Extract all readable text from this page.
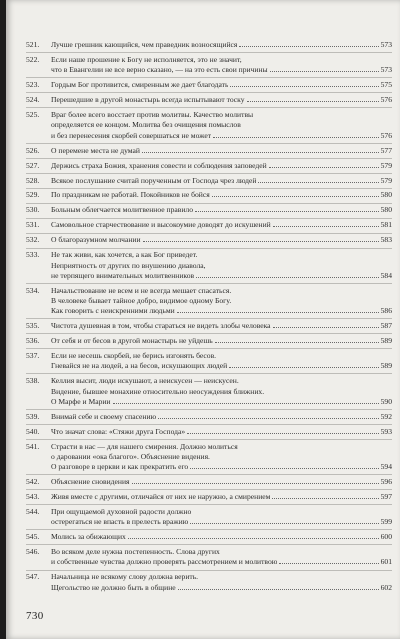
521.	Лучше грешник кающийся, чем праведник возносящийся	573
522.	Если наше прошение к Богу не исполняется, это не значит,
что в Евангелии не все верно сказано, — на это есть свои причины	573
523.	Гордым Бог противится, смиренным же дает благодать	575
524.	Перешедшие в другой монастырь всегда испытывают тоску	576
525.	Враг более всего восстает против молитвы. Качество молитвы
определяется ее концом. Молитва без очищения помыслов
и без перенесения скорбей совершаться не может	576
526.	О перемене места не думай	577
527.	Держись страха Божия, хранения совести и соблюдения заповедей	579
528.	Всякое послушание считай порученным от Господа чрез людей	579
529.	По праздникам не работай. Покойников не бойся	580
530.	Больным облегчается молитвенное правило	580
531.	Самовольное старчествование и высокоумие доводят до искушений	581
532.	О благоразумном молчании	583
533.	Не так живи, как хочется, а как Бог приведет.
Неприятность от других по внушению диавола,
не терпящего внимательных молитвенников	584
534.	Начальствование не всем и не всегда мешает спасаться.
В человеке бывает тайное добро, видимое одному Богу.
Как говорить с неискренними людьми	586
535.	Чистота душевная в том, чтобы стараться не видеть злобы человека	587
536.	От себя и от бесов в другой монастырь не уйдешь	589
537.	Если не несешь скорбей, не берись изгонять бесов.
Гневайся не на людей, а на бесов, искушающих людей	589
538.	Келлия высит, люди искушают, а неискусен — неискусен.
Видение, бывшее монахине относительно неосуждения ближних.
О Марфе и Марии	590
539.	Внимай себе и своему спасению	592
540.	Что значат слова: «Стяжи друга Господа»	593
541.	Страсти в нас — для нашего смирения. Должно молиться
о даровании «ока благого». Объяснение видения.
О разговоре в церкви и как прекратить его	594
542.	Объяснение сновидения	596
543.	Живя вместе с другими, отличайся от них не наружно, а смирением	597
544.	При ощущаемой духовной радости должно
остерегаться не впасть в прелесть вражию	599
545.	Молись за обижающих	600
546.	Во всяком деле нужна постепенность. Слова других
и собственные чувства должно проверять рассмотрением и молитвою	601
547.	Начальница не всякому слову должна верить.
Щегольство не должно быть в общине	602
730
